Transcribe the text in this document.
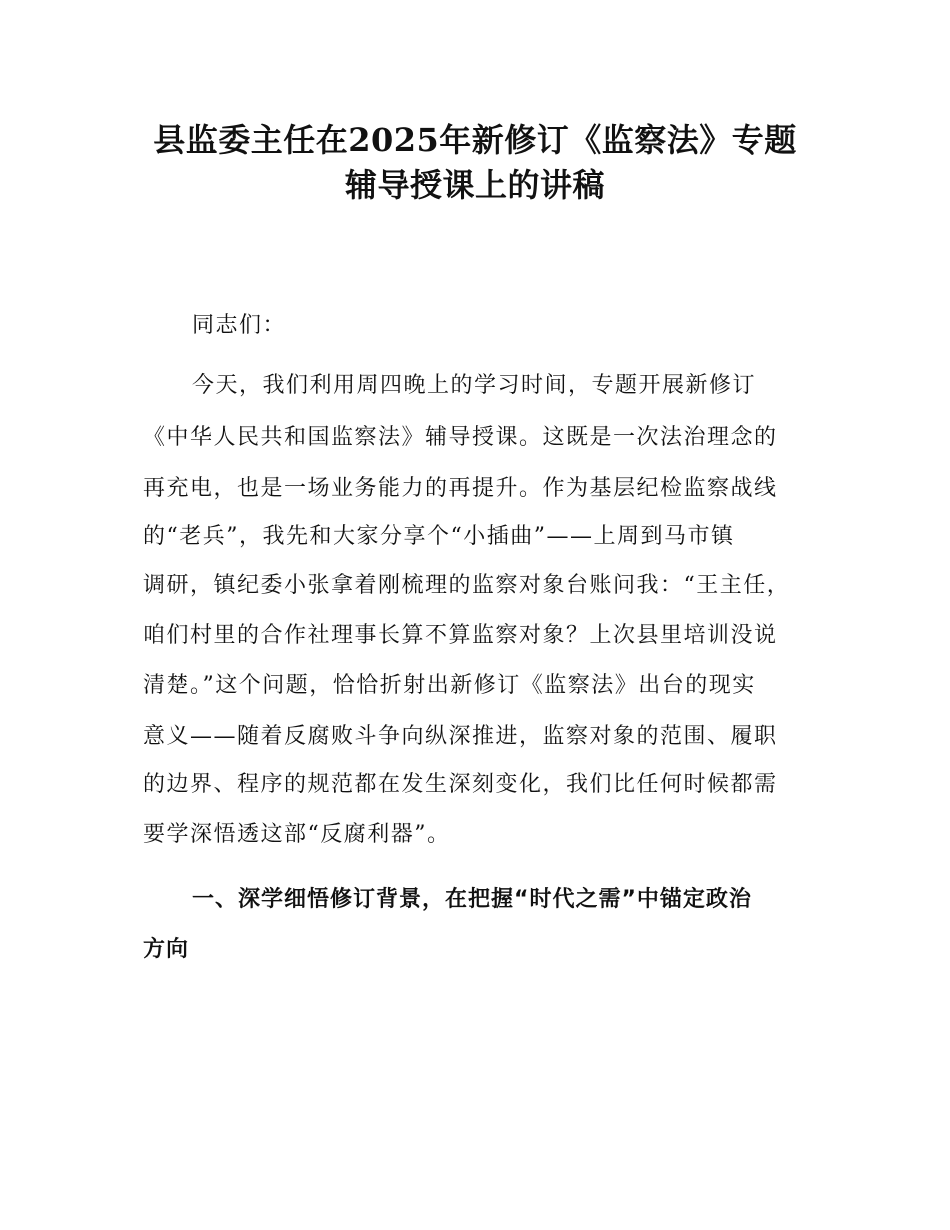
县监委主任在2025年新修订《监察法》专题
辅导授课上的讲稿
同志们：
今天，我们利用周四晚上的学习时间，专题开展新修订
《中华人民共和国监察法》辅导授课。这既是一次法治理念的
再充电，也是一场业务能力的再提升。作为基层纪检监察战线
的“老兵”，我先和大家分享个“小插曲”——上周到马市镇
调研，镇纪委小张拿着刚梳理的监察对象台账问我：“王主任，
咱们村里的合作社理事长算不算监察对象？上次县里培训没说
清楚。”这个问题，恰恰折射出新修订《监察法》出台的现实
意义——随着反腐败斗争向纵深推进，监察对象的范围、履职
的边界、程序的规范都在发生深刻变化，我们比任何时候都需
要学深悟透这部“反腐利器”。
一、深学细悟修订背景，在把握“时代之需”中锚定政治
方向
